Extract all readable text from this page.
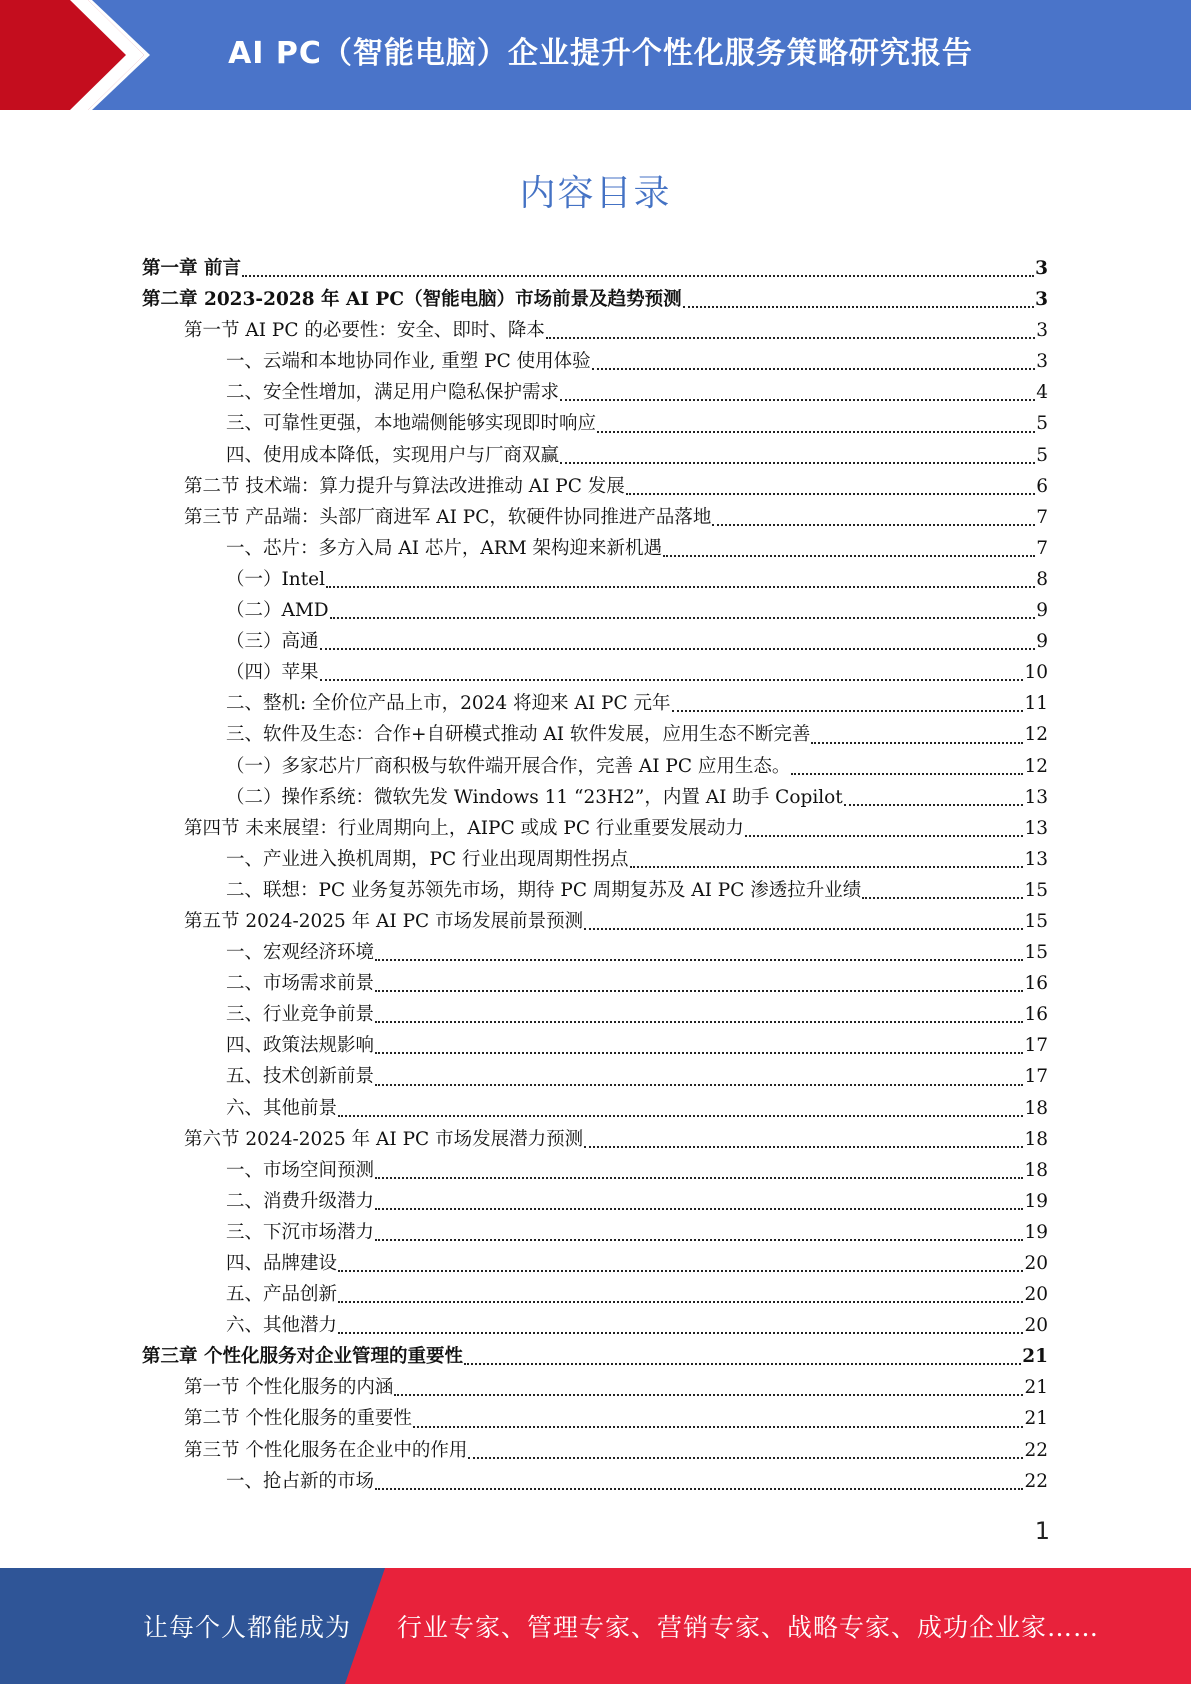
AI PC（智能电脑）企业提升个性化服务策略研究报告
内容目录
第一章 前言	3
第二章 2023-2028 年 AI PC（智能电脑）市场前景及趋势预测	3
第一节 AI PC 的必要性：安全、即时、降本	3
一、云端和本地协同作业, 重塑 PC 使用体验	3
二、安全性增加，满足用户隐私保护需求	4
三、可靠性更强，本地端侧能够实现即时响应	5
四、使用成本降低，实现用户与厂商双赢	5
第二节 技术端：算力提升与算法改进推动 AI PC 发展	6
第三节 产品端：头部厂商进军 AI PC，软硬件协同推进产品落地	7
一、芯片：多方入局 AI 芯片，ARM 架构迎来新机遇	7
（一）Intel	8
（二）AMD	9
（三）高通	9
（四）苹果	10
二、整机: 全价位产品上市，2024 将迎来 AI PC 元年	11
三、软件及生态：合作+自研模式推动 AI 软件发展，应用生态不断完善	12
（一）多家芯片厂商积极与软件端开展合作，完善 AI PC 应用生态。	12
（二）操作系统：微软先发 Windows 11 “23H2”，内置 AI 助手 Copilot	13
第四节 未来展望：行业周期向上，AIPC 或成 PC 行业重要发展动力	13
一、产业进入换机周期，PC 行业出现周期性拐点	13
二、联想：PC 业务复苏领先市场，期待 PC 周期复苏及 AI PC 渗透拉升业绩	15
第五节 2024-2025 年 AI PC 市场发展前景预测	15
一、宏观经济环境	15
二、市场需求前景	16
三、行业竞争前景	16
四、政策法规影响	17
五、技术创新前景	17
六、其他前景	18
第六节 2024-2025 年 AI PC 市场发展潜力预测	18
一、市场空间预测	18
二、消费升级潜力	19
三、下沉市场潜力	19
四、品牌建设	20
五、产品创新	20
六、其他潜力	20
第三章 个性化服务对企业管理的重要性	21
第一节 个性化服务的内涵	21
第二节 个性化服务的重要性	21
第三节 个性化服务在企业中的作用	22
一、抢占新的市场	22
1
让每个人都能成为 行业专家、管理专家、营销专家、战略专家、成功企业家……
